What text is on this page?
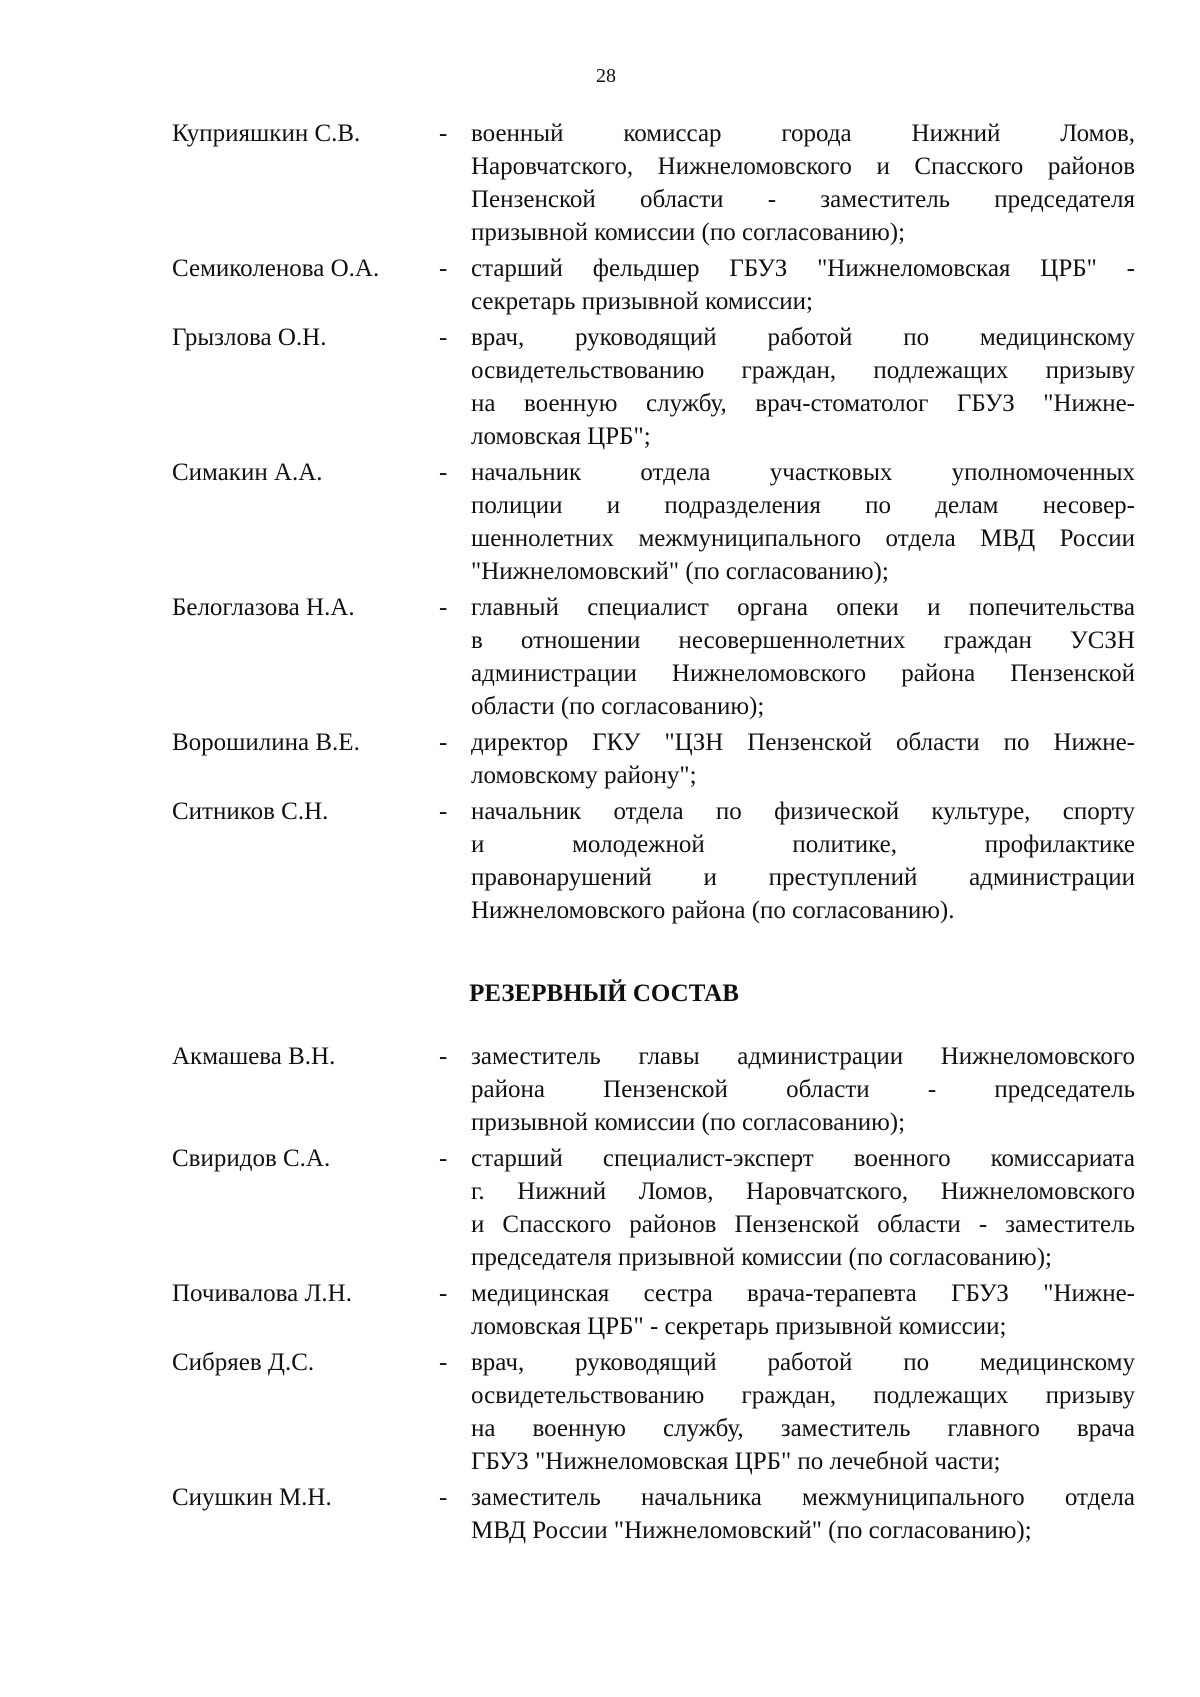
28
Куприяшкин С.В.	- военный комиссар города Нижний Ломов,
Наровчатского, Нижнеломовского и Спасского районов
Пензенской области - заместитель председателя
призывной комиссии (по согласованию);
Семиколенова О.А.	- старший фельдшер ГБУЗ "Нижнеломовская ЦРБ" -
секретарь призывной комиссии;
Грызлова О.Н.	- врач, руководящий работой по медицинскому
освидетельствованию граждан, подлежащих призыву
на военную службу, врач-стоматолог ГБУЗ "Нижне-
ломовская ЦРБ";
Симакин А.А.	- начальник отдела участковых уполномоченных
полиции и подразделения по делам несовер-
шеннолетних межмуниципального отдела МВД России
"Нижнеломовский" (по согласованию);
Белоглазова Н.А.	- главный специалист органа опеки и попечительства
в отношении несовершеннолетних граждан УСЗН
администрации Нижнеломовского района Пензенской
области (по согласованию);
Ворошилина В.Е.	- директор ГКУ "ЦЗН Пензенской области по Нижне-
ломовскому району";
Ситников С.Н.	- начальник отдела по физической культуре, спорту
и молодежной политике, профилактике
правонарушений и преступлений администрации
Нижнеломовского района (по согласованию).
РЕЗЕРВНЫЙ СОСТАВ
Акмашева В.Н.	- заместитель главы администрации Нижнеломовского
района Пензенской области - председатель
призывной комиссии (по согласованию);
Свиридов С.А.	- старший специалист-эксперт военного комиссариата
г. Нижний Ломов, Наровчатского, Нижнеломовского
и Спасского районов Пензенской области - заместитель
председателя призывной комиссии (по согласованию);
Почивалова Л.Н.	- медицинская сестра врача-терапевта ГБУЗ "Нижне-
ломовская ЦРБ" - секретарь призывной комиссии;
Сибряев Д.С.	- врач, руководящий работой по медицинскому
освидетельствованию граждан, подлежащих призыву
на военную службу, заместитель главного врача
ГБУЗ "Нижнеломовская ЦРБ" по лечебной части;
Сиушкин М.Н.	- заместитель начальника межмуниципального отдела
МВД России "Нижнеломовский" (по согласованию);
